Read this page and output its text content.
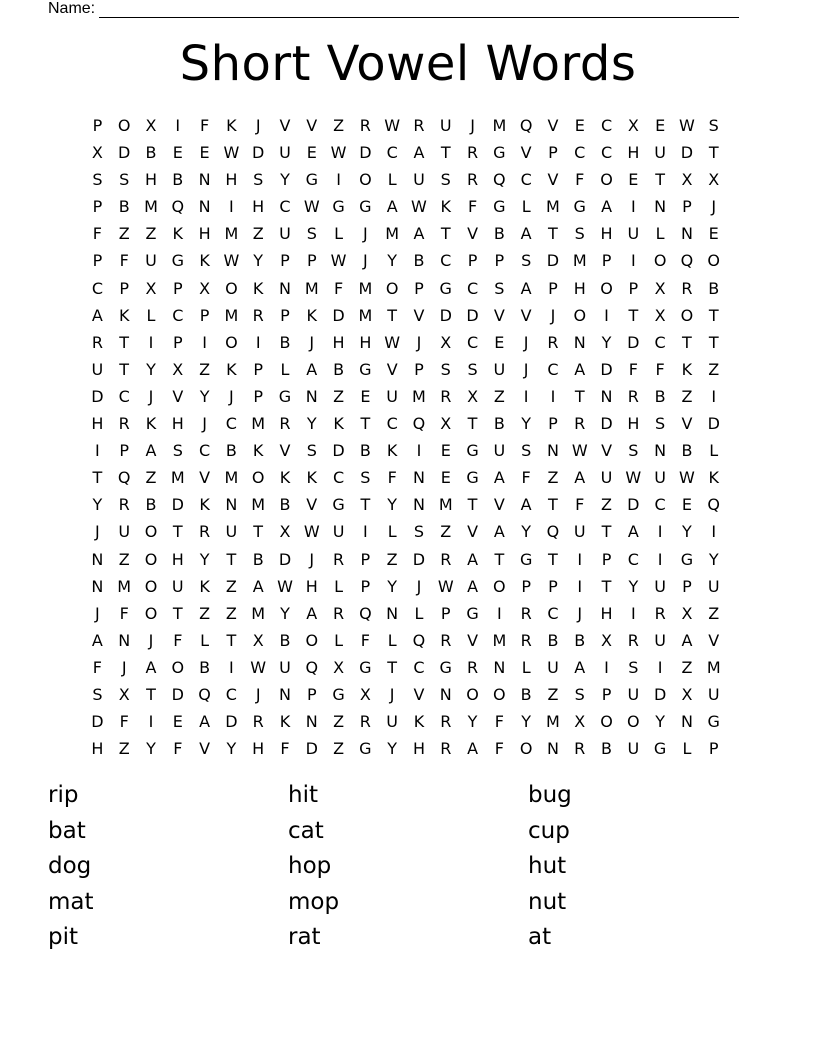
Name:
Short Vowel Words
P O X	I	F	K	J	V V Z R W R U	J	M Q V	E	C X	E W S
X D B	E	E W D U E W D C A	T	R G V	P	C C H U D T
S	S H B N H S	Y G	I	O	L	U S	R Q C V	F O E	T	X X
P	B M Q N	I	H C W G G A W K	F G	L M G A	I	N P	J
F	Z Z	K H M Z U S	L	J	M A	T	V B A	T	S H U	L	N E
P	F	U G K W Y	P	P W	J	Y	B C	P	P	S D M P	I	O Q O
C	P	X	P	X O K N M F M O P G C	S	A	P H O P	X R B
A	K	L	C	P M R	P	K D M T	V D D V V	J	O	I	T	X O T
R	T	I	P	I	O	I	B	J	H H W	J	X C	E	J	R N Y D C	T	T
U	T	Y	X Z	K	P	L	A B G V	P	S	S U	J	C A D	F	F	K	Z
D C	J	V	Y	J	P G N Z	E U M R X Z	I	I	T N R B Z	I
H R K H	J	C M R	Y	K	T	C Q X	T	B	Y	P	R D H S	V D
I	P	A	S	C B	K	V	S D B	K	I	E G U S N W V	S N B	L
T Q Z M V M O K	K C	S	F	N E G A	F	Z A U W U W K
Y	R B D K N M B V G T	Y N M T	V A	T	F	Z D C	E Q
J	U O T	R U	T	X W U	I	L	S	Z V A	Y Q U	T	A	I	Y	I
N Z O H Y	T	B D	J	R	P	Z D R A	T G T	I	P	C	I	G Y
N M O U K	Z A W H	L	P	Y	J	W A O P	P	I	T	Y	U	P	U
J	F O T	Z Z M Y	A R Q N	L	P G	I	R C	J	H	I	R X Z
A N	J	F	L	T	X B O	L	F	L	Q R V M R B B X R U A V
F	J	A O B	I	W U Q X G T	C G R N	L	U A	I	S	I	Z M
S	X	T D Q C	J	N P G X	J	V N O O B Z	S	P	U D X U
D	F	I	E	A D R K N Z R U K R	Y	F	Y M X O O Y N G
H Z	Y	F	V	Y H	F	D Z G Y H R A	F O N R B U G	L	P
rip	hit	bug
bat	cat	cup
dog	hop	hut
mat	mop	nut
pit	rat	at
